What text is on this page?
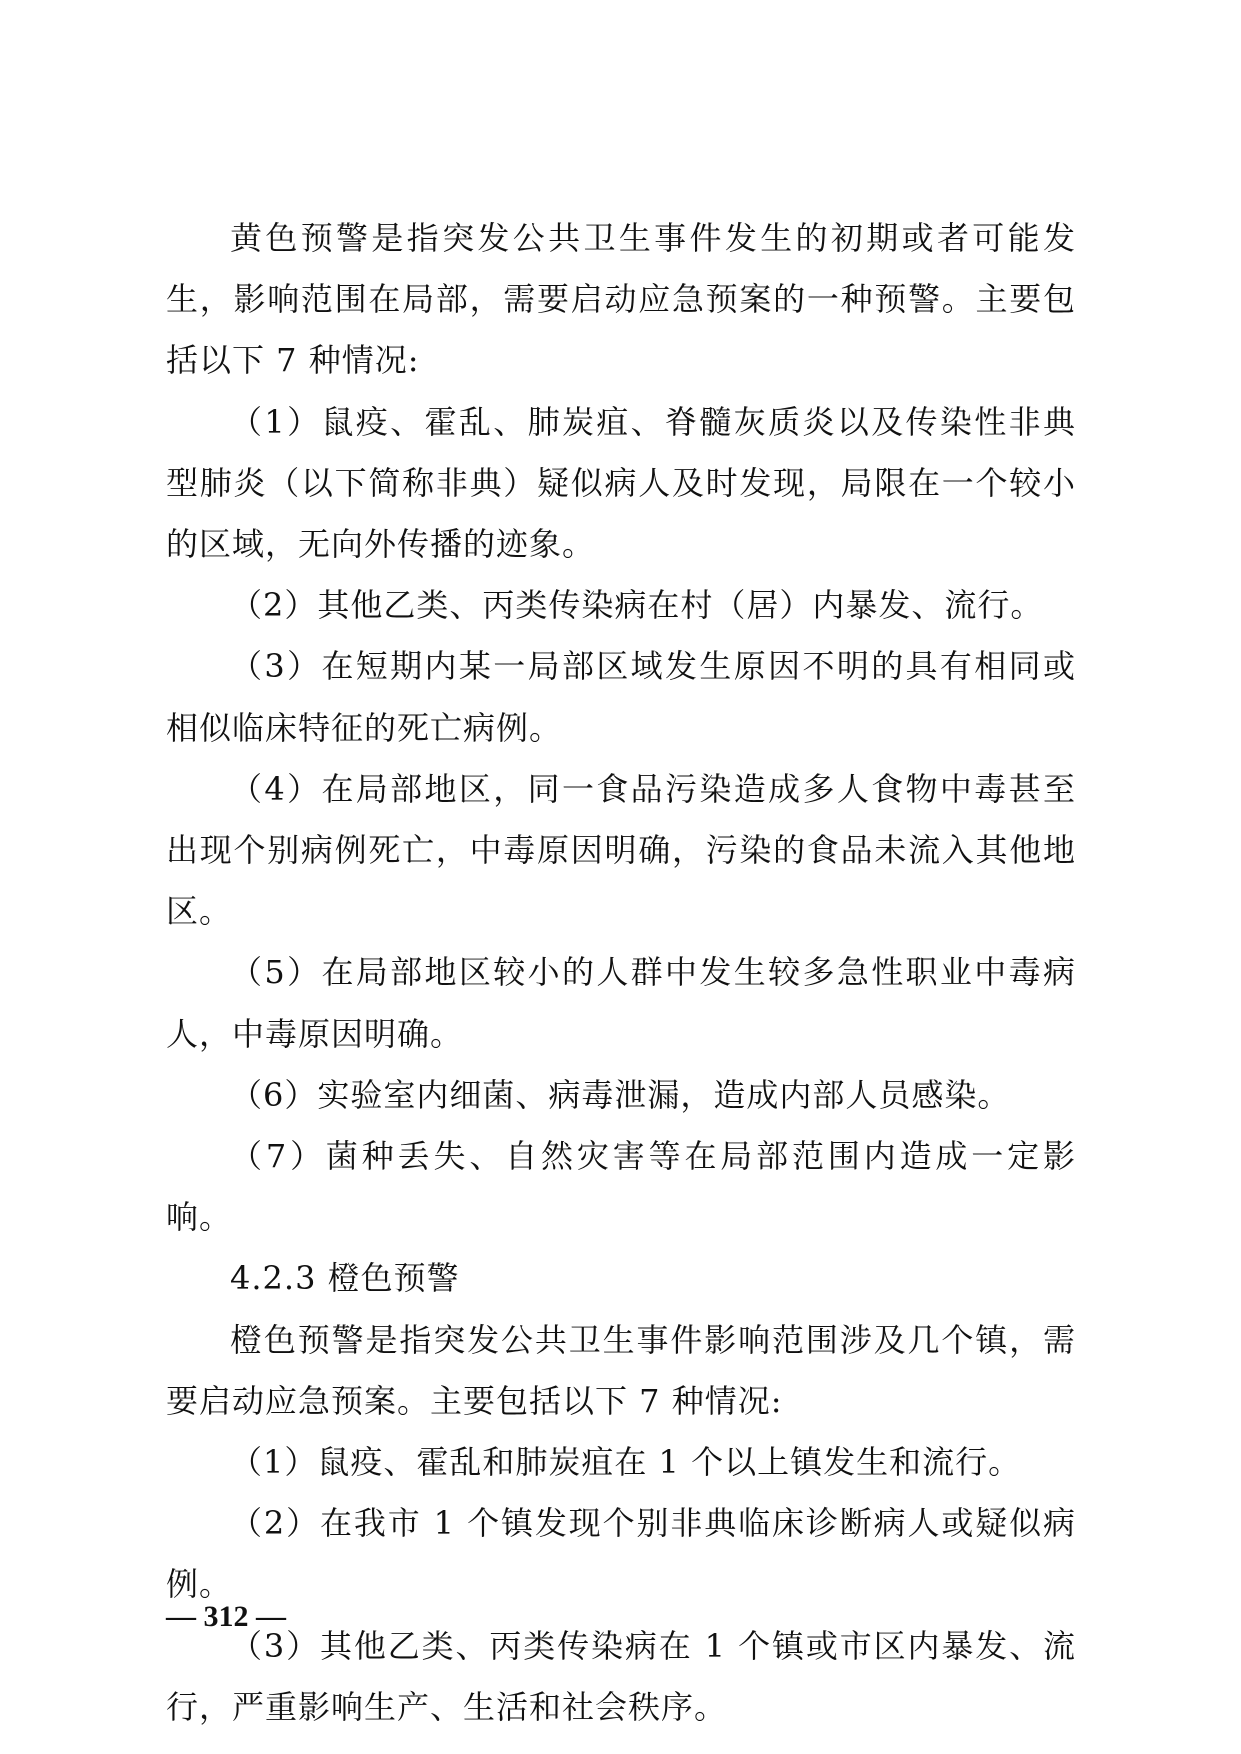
黄色预警是指突发公共卫生事件发生的初期或者可能发生，影响范围在局部，需要启动应急预案的一种预警。主要包括以下 7 种情况:

（1）鼠疫、霍乱、肺炭疽、脊髓灰质炎以及传染性非典型肺炎（以下简称非典）疑似病人及时发现，局限在一个较小的区域，无向外传播的迹象。

（2）其他乙类、丙类传染病在村（居）内暴发、流行。

（3）在短期内某一局部区域发生原因不明的具有相同或相似临床特征的死亡病例。

（4）在局部地区，同一食品污染造成多人食物中毒甚至出现个别病例死亡，中毒原因明确，污染的食品未流入其他地区。

（5）在局部地区较小的人群中发生较多急性职业中毒病人，中毒原因明确。

（6）实验室内细菌、病毒泄漏，造成内部人员感染。

（7）菌种丢失、自然灾害等在局部范围内造成一定影响。

4.2.3 橙色预警

橙色预警是指突发公共卫生事件影响范围涉及几个镇，需要启动应急预案。主要包括以下 7 种情况:

（1）鼠疫、霍乱和肺炭疽在 1 个以上镇发生和流行。

（2）在我市 1 个镇发现个别非典临床诊断病人或疑似病例。

（3）其他乙类、丙类传染病在 1 个镇或市区内暴发、流行，严重影响生产、生活和社会秩序。

— 312 —
